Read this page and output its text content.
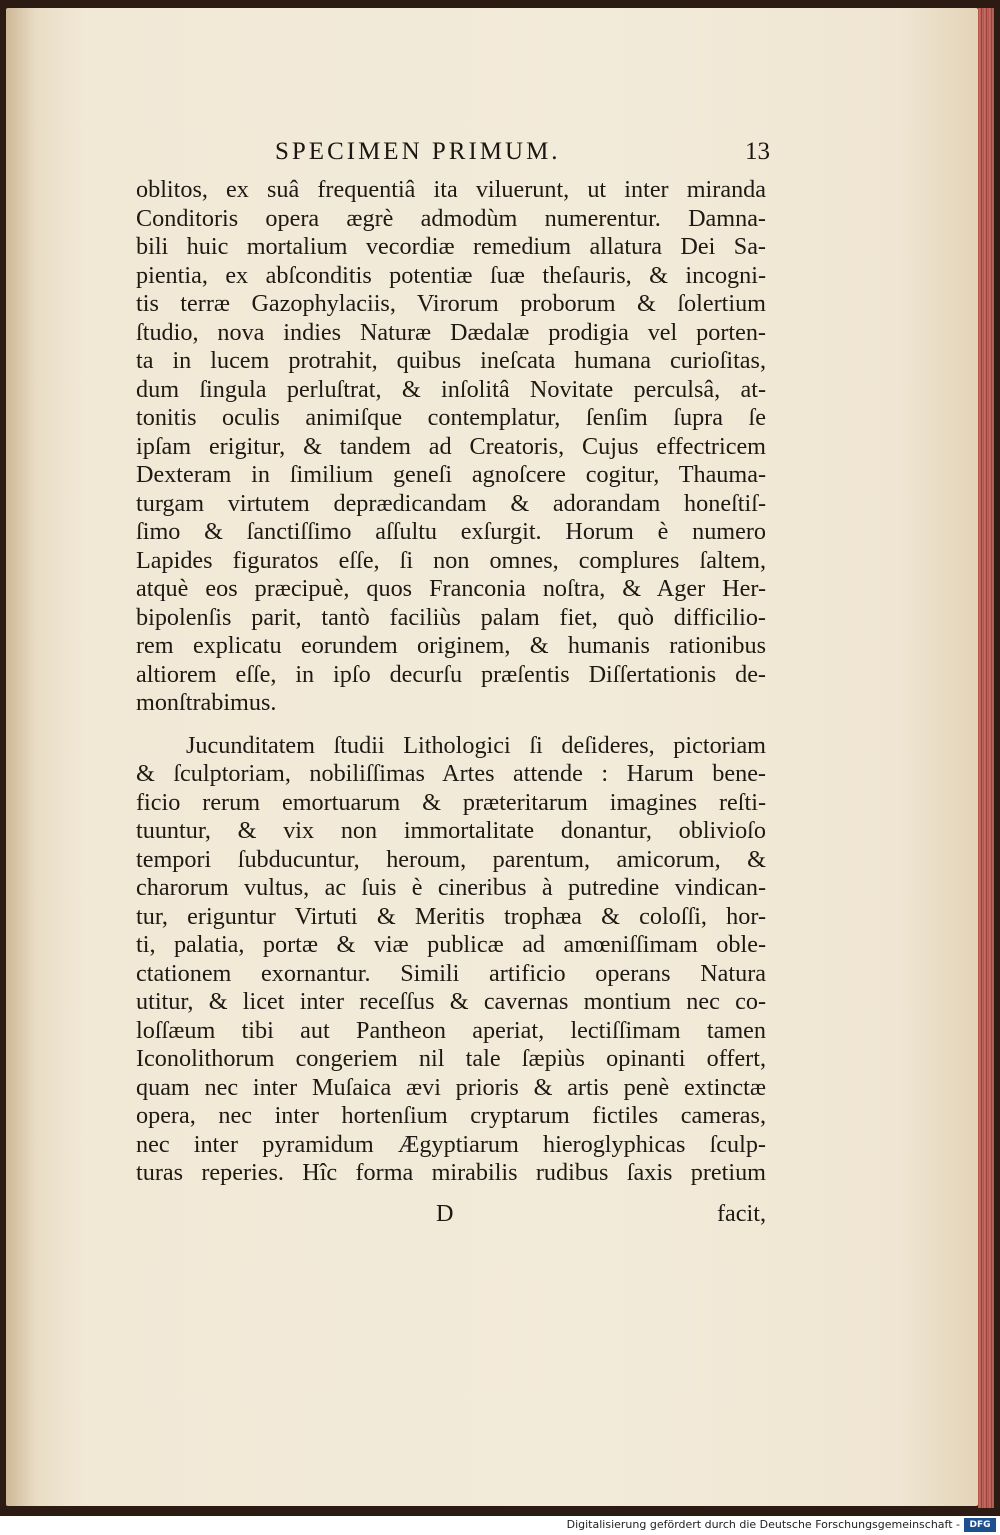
SPECIMEN PRIMUM.	13
oblitos, ex suâ frequentiâ ita viluerunt, ut inter miranda
Conditoris opera ægrè admodùm numerentur. Damna-
bili huic mortalium vecordiæ remedium allatura Dei Sa-
pientia, ex abſconditis potentiæ ſuæ theſauris, & incogni-
tis terræ Gazophylaciis, Virorum proborum & ſolertium
ſtudio, nova indies Naturæ Dædalæ prodigia vel porten-
ta in lucem protrahit, quibus ineſcata humana curioſitas,
dum ſingula perluſtrat, & inſolitâ Novitate perculsâ, at-
tonitis oculis animiſque contemplatur, ſenſim ſupra ſe
ipſam erigitur, & tandem ad Creatoris, Cujus effectricem
Dexteram in ſimilium geneſi agnoſcere cogitur, Thauma-
turgam virtutem deprædicandam & adorandam honeſtiſ-
ſimo & ſanctiſſimo aſſultu exſurgit. Horum è numero
Lapides figuratos eſſe, ſi non omnes, complures ſaltem,
atquè eos præcipuè, quos Franconia noſtra, & Ager Her-
bipolenſis parit, tantò faciliùs palam fiet, quò difficilio-
rem explicatu eorundem originem, & humanis rationibus
altiorem eſſe, in ipſo decurſu præſentis Diſſertationis de-
monſtrabimus.
Jucunditatem ſtudii Lithologici ſi deſideres, pictoriam
& ſculptoriam, nobiliſſimas Artes attende : Harum bene-
ficio rerum emortuarum & præteritarum imagines reſti-
tuuntur, & vix non immortalitate donantur, oblivioſo
tempori ſubducuntur, heroum, parentum, amicorum, &
charorum vultus, ac ſuis è cineribus à putredine vindican-
tur, eriguntur Virtuti & Meritis trophæa & coloſſi, hor-
ti, palatia, portæ & viæ publicæ ad amœniſſimam oble-
ctationem exornantur. Simili artificio operans Natura
utitur, & licet inter receſſus & cavernas montium nec co-
loſſæum tibi aut Pantheon aperiat, lectiſſimam tamen
Iconolithorum congeriem nil tale ſæpiùs opinanti offert,
quam nec inter Muſaica ævi prioris & artis penè extinctæ
opera, nec inter hortenſium cryptarum fictiles cameras,
nec inter pyramidum Ægyptiarum hieroglyphicas ſculp-
turas reperies. Hîc forma mirabilis rudibus ſaxis pretium
D	facit,
Digitalisierung gefördert durch die Deutsche Forschungsgemeinschaft -	DFG
